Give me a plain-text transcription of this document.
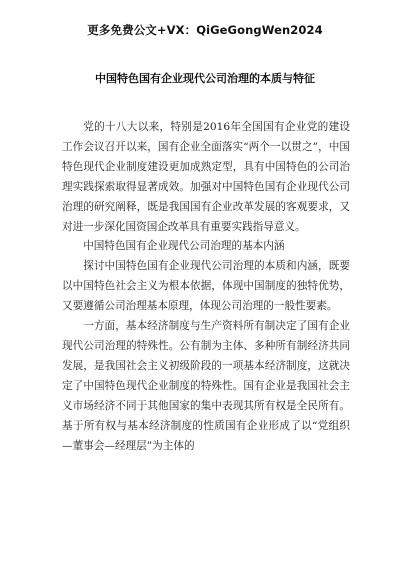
更多免费公文+VX：QiGeGongWen2024
中国特色国有企业现代公司治理的本质与特征

党的十八大以来，特别是2016年全国国有企业党的建设工作会议召开以来，国有企业全面落实“两个一以贯之”，中国特色现代企业制度建设更加成熟定型，具有中国特色的公司治理实践探索取得显著成效。加强对中国特色国有企业现代公司治理的研究阐释，既是我国国有企业改革发展的客观要求，又对进一步深化国资国企改革具有重要实践指导意义。

中国特色国有企业现代公司治理的基本内涵

探讨中国特色国有企业现代公司治理的本质和内涵，既要以中国特色社会主义为根本依据，体现中国制度的独特优势，又要遵循公司治理基本原理，体现公司治理的一般性要素。

一方面，基本经济制度与生产资料所有制决定了国有企业现代公司治理的特殊性。公有制为主体、多种所有制经济共同发展，是我国社会主义初级阶段的一项基本经济制度，这就决定了中国特色现代企业制度的特殊性。国有企业是我国社会主义市场经济不同于其他国家的集中表现其所有权是全民所有。基于所有权与基本经济制度的性质国有企业形成了以“党组织—董事会—经理层”为主体的
